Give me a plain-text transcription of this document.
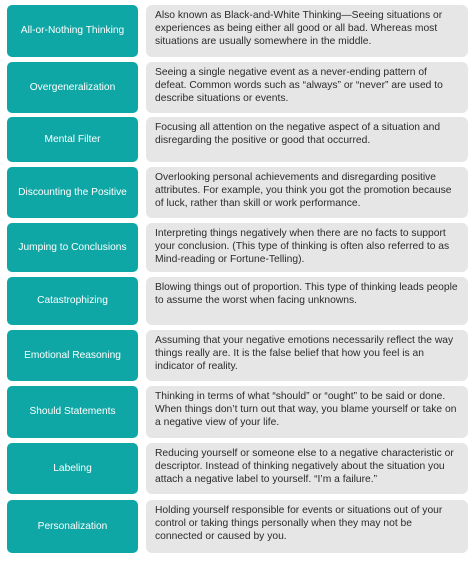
All-or-Nothing Thinking
Also known as Black-and-White Thinking—Seeing situations or experiences as being either all good or all bad. Whereas most situations are usually somewhere in the middle.
Overgeneralization
Seeing a single negative event as a never-ending pattern of defeat. Common words such as “always” or “never” are used to describe situations or events.
Mental Filter
Focusing all attention on the negative aspect of a situation and disregarding the positive or good that occurred.
Discounting the Positive
Overlooking personal achievements and disregarding positive attributes. For example, you think you got the promotion because of luck, rather than skill or work performance.
Jumping to Conclusions
Interpreting things negatively when there are no facts to support your conclusion. (This type of thinking is often also referred to as Mind-reading or Fortune-Telling).
Catastrophizing
Blowing things out of proportion. This type of thinking leads people to assume the worst when facing unknowns.
Emotional Reasoning
Assuming that your negative emotions necessarily reflect the way things really are. It is the false belief that how you feel is an indicator of reality.
Should Statements
Thinking in terms of what “should” or “ought” to be said or done. When things don’t turn out that way, you blame yourself or take on a negative view of your life.
Labeling
Reducing yourself or someone else to a negative characteristic or descriptor. Instead of thinking negatively about the situation you attach a negative label to yourself. “I’m a failure.”
Personalization
Holding yourself responsible for events or situations out of your control or taking things personally when they may not be connected or caused by you.
